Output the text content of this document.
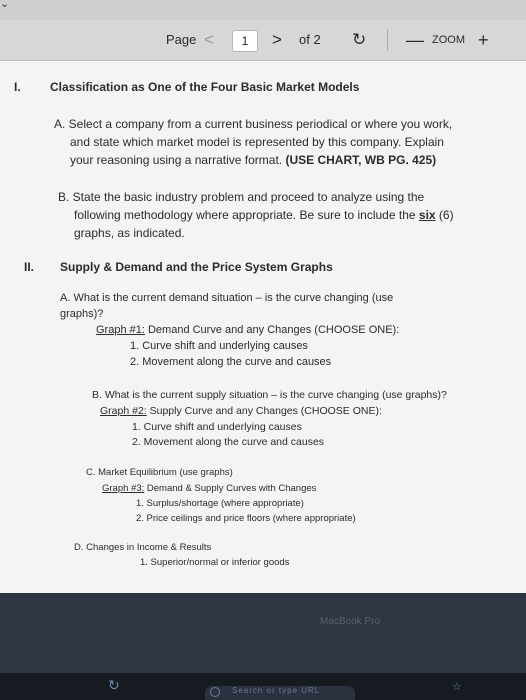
⌄
Page <	1	> of 2 ↻ — ZOOM +
I. Classification as One of the Four Basic Market Models
A. Select a company from a current business periodical or where you work,
and state which market model is represented by this company. Explain
your reasoning using a narrative format. (USE CHART, WB PG. 425)
B. State the basic industry problem and proceed to analyze using the
following methodology where appropriate. Be sure to include the six (6)
graphs, as indicated.
II. Supply & Demand and the Price System Graphs
A. What is the current demand situation – is the curve changing (use
graphs)?
Graph #1: Demand Curve and any Changes (CHOOSE ONE):
1. Curve shift and underlying causes
2. Movement along the curve and causes
B. What is the current supply situation – is the curve changing (use graphs)?
Graph #2: Supply Curve and any Changes (CHOOSE ONE):
1. Curve shift and underlying causes
2. Movement along the curve and causes
C. Market Equilibrium (use graphs)
Graph #3: Demand & Supply Curves with Changes
1. Surplus/shortage (where appropriate)
2. Price ceilings and price floors (where appropriate)
D. Changes in Income & Results
1. Superior/normal or inferior goods
MacBook Pro
↻	Search or type URL	☆
